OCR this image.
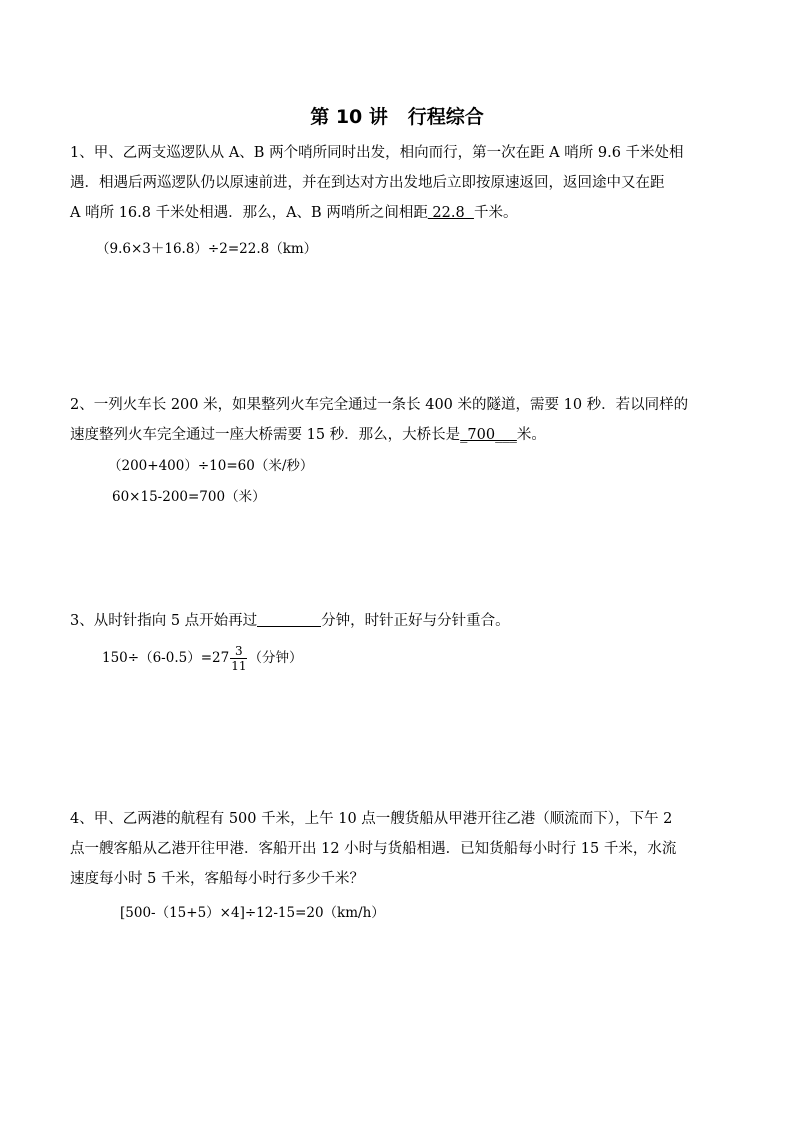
第 10 讲 行程综合
1、甲、乙两支巡逻队从 A、B 两个哨所同时出发，相向而行，第一次在距 A 哨所 9.6 千米处相
遇．相遇后两巡逻队仍以原速前进，并在到达对方出发地后立即按原速返回，返回途中又在距
A 哨所 16.8 千米处相遇．那么，A、B 两哨所之间相距 22.8  千米。
（9.6×3＋16.8）÷2=22.8（km）
2、一列火车长 200 米，如果整列火车完全通过一条长 400 米的隧道，需要 10 秒．若以同样的
速度整列火车完全通过一座大桥需要 15 秒．那么，大桥长是_700___米。
（200+400）÷10=60（米/秒）
60×15-200=700（米）
3、从时针指向 5 点开始再过	分钟，时针正好与分针重合。
$150\div(6-0.5)=27 \frac{3}{11}$ （分钟）
4、甲、乙两港的航程有 500 千米，上午 10 点一艘货船从甲港开往乙港（顺流而下），下午 2
点一艘客船从乙港开往甲港．客船开出 12 小时与货船相遇．已知货船每小时行 15 千米，水流
速度每小时 5 千米，客船每小时行多少千米？
[500-（15+5）×4]÷12-15=20（km/h）
